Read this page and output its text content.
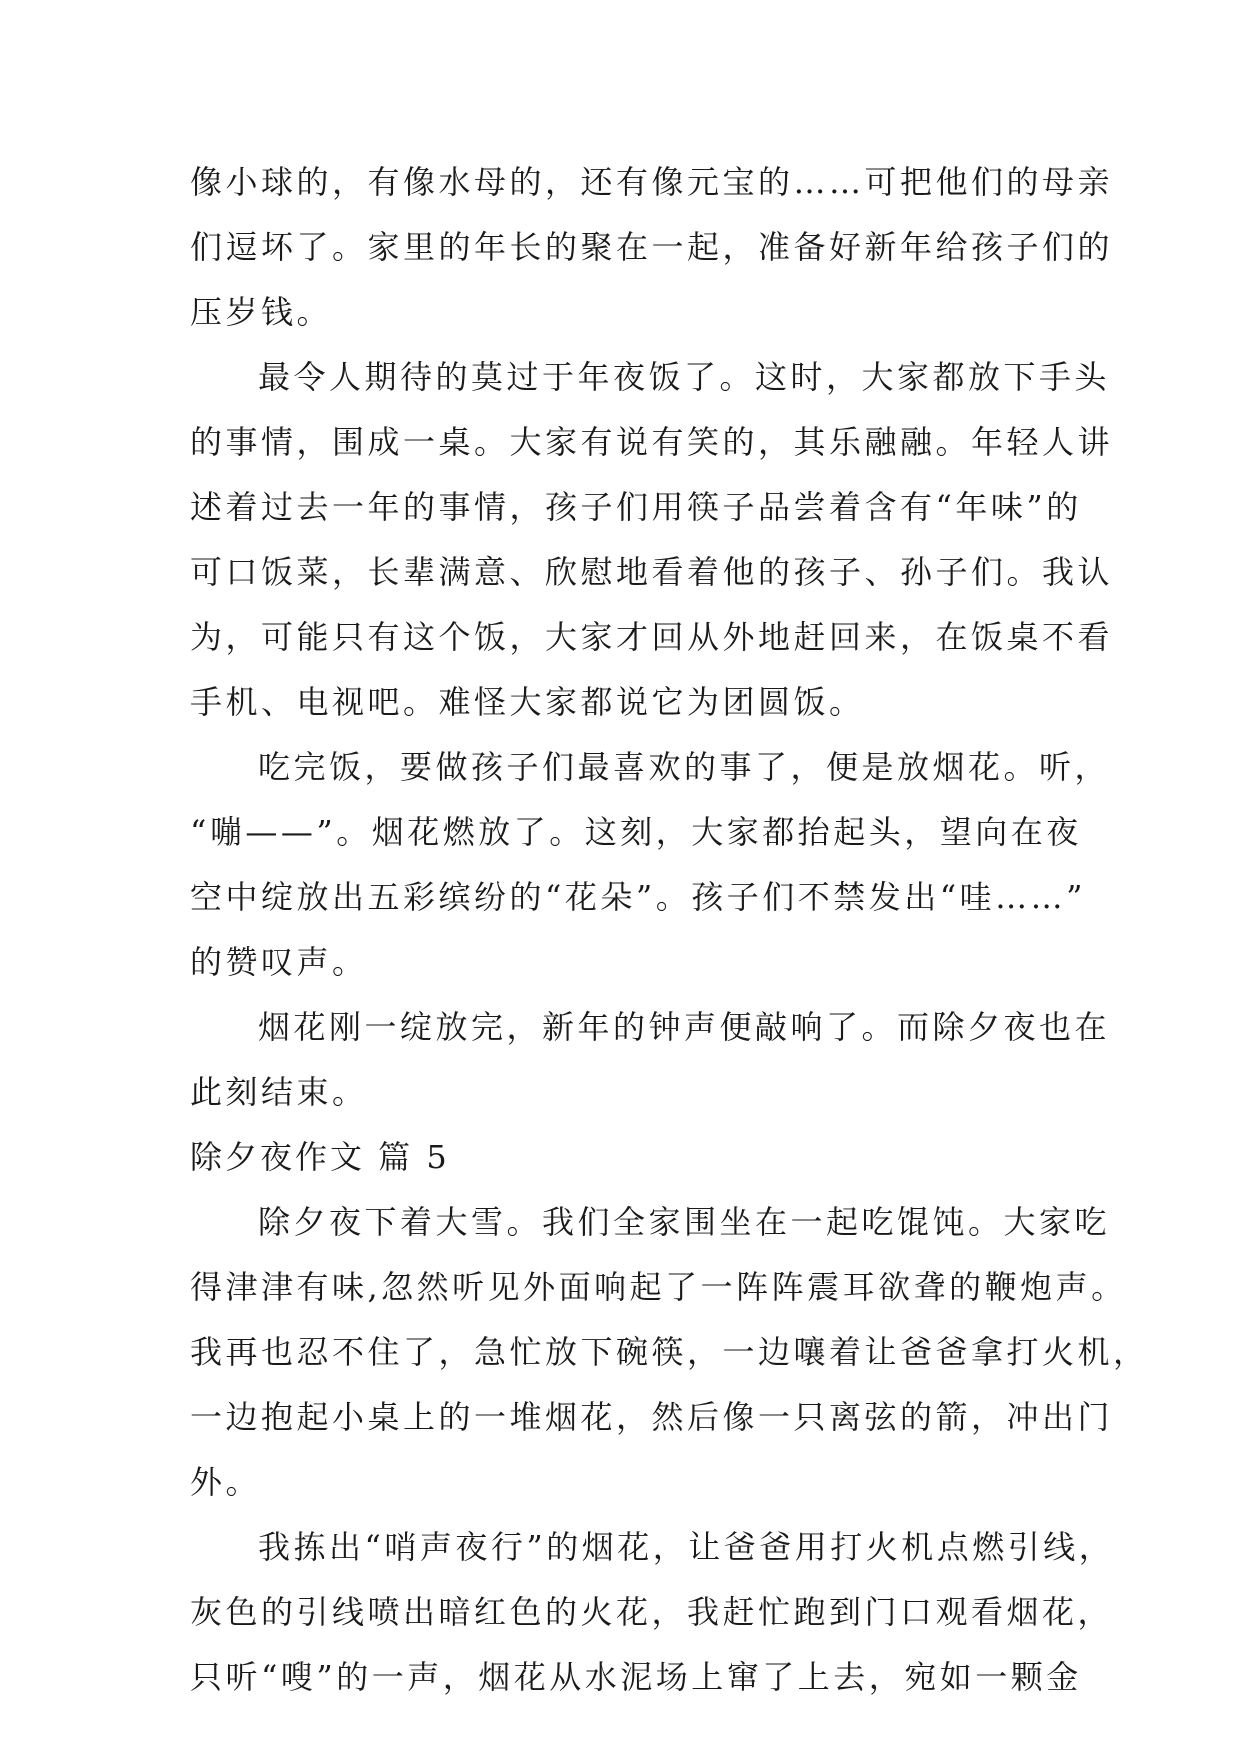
像小球的，有像水母的，还有像元宝的……可把他们的母亲
们逗坏了。家里的年长的聚在一起，准备好新年给孩子们的
压岁钱。
最令人期待的莫过于年夜饭了。这时，大家都放下手头
的事情，围成一桌。大家有说有笑的，其乐融融。年轻人讲
述着过去一年的事情，孩子们用筷子品尝着含有“年味”的
可口饭菜，长辈满意、欣慰地看着他的孩子、孙子们。我认
为，可能只有这个饭，大家才回从外地赶回来，在饭桌不看
手机、电视吧。难怪大家都说它为团圆饭。
吃完饭，要做孩子们最喜欢的事了，便是放烟花。听，
“嘣——”。烟花燃放了。这刻，大家都抬起头，望向在夜
空中绽放出五彩缤纷的“花朵”。孩子们不禁发出“哇……”
的赞叹声。
烟花刚一绽放完，新年的钟声便敲响了。而除夕夜也在
此刻结束。
除夕夜作文 篇 5
除夕夜下着大雪。我们全家围坐在一起吃馄饨。大家吃
得津津有味,忽然听见外面响起了一阵阵震耳欲聋的鞭炮声。
我再也忍不住了，急忙放下碗筷，一边嚷着让爸爸拿打火机，
一边抱起小桌上的一堆烟花，然后像一只离弦的箭，冲出门
外。
我拣出“哨声夜行”的烟花，让爸爸用打火机点燃引线，
灰色的引线喷出暗红色的火花，我赶忙跑到门口观看烟花，
只听“嗖”的一声，烟花从水泥场上窜了上去，宛如一颗金
